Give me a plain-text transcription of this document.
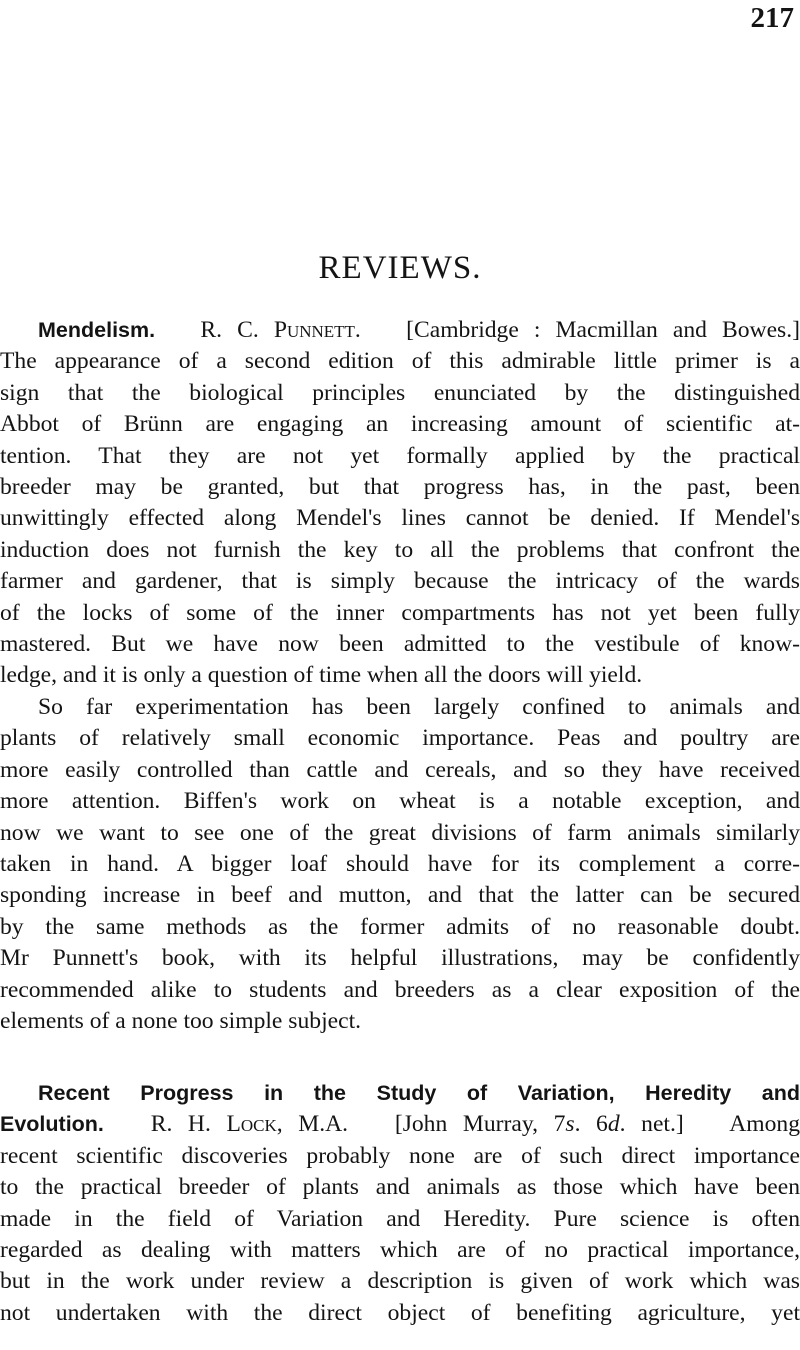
217
REVIEWS.

Mendelism. R. C. Punnett. [Cambridge : Macmillan and Bowes.]
The appearance of a second edition of this admirable little primer is a
sign that the biological principles enunciated by the distinguished
Abbot of Brünn are engaging an increasing amount of scientific at-
tention. That they are not yet formally applied by the practical
breeder may be granted, but that progress has, in the past, been
unwittingly effected along Mendel's lines cannot be denied. If Mendel's
induction does not furnish the key to all the problems that confront the
farmer and gardener, that is simply because the intricacy of the wards
of the locks of some of the inner compartments has not yet been fully
mastered. But we have now been admitted to the vestibule of know-
ledge, and it is only a question of time when all the doors will yield.

So far experimentation has been largely confined to animals and
plants of relatively small economic importance. Peas and poultry are
more easily controlled than cattle and cereals, and so they have received
more attention. Biffen's work on wheat is a notable exception, and
now we want to see one of the great divisions of farm animals similarly
taken in hand. A bigger loaf should have for its complement a corre-
sponding increase in beef and mutton, and that the latter can be secured
by the same methods as the former admits of no reasonable doubt.
Mr Punnett's book, with its helpful illustrations, may be confidently
recommended alike to students and breeders as a clear exposition of the
elements of a none too simple subject.

Recent Progress in the Study of Variation, Heredity and
Evolution. R. H. Lock, M.A. [John Murray, 7s. 6d. net.] Among
recent scientific discoveries probably none are of such direct importance
to the practical breeder of plants and animals as those which have been
made in the field of Variation and Heredity. Pure science is often
regarded as dealing with matters which are of no practical importance,
but in the work under review a description is given of work which was
not undertaken with the direct object of benefiting agriculture, yet
